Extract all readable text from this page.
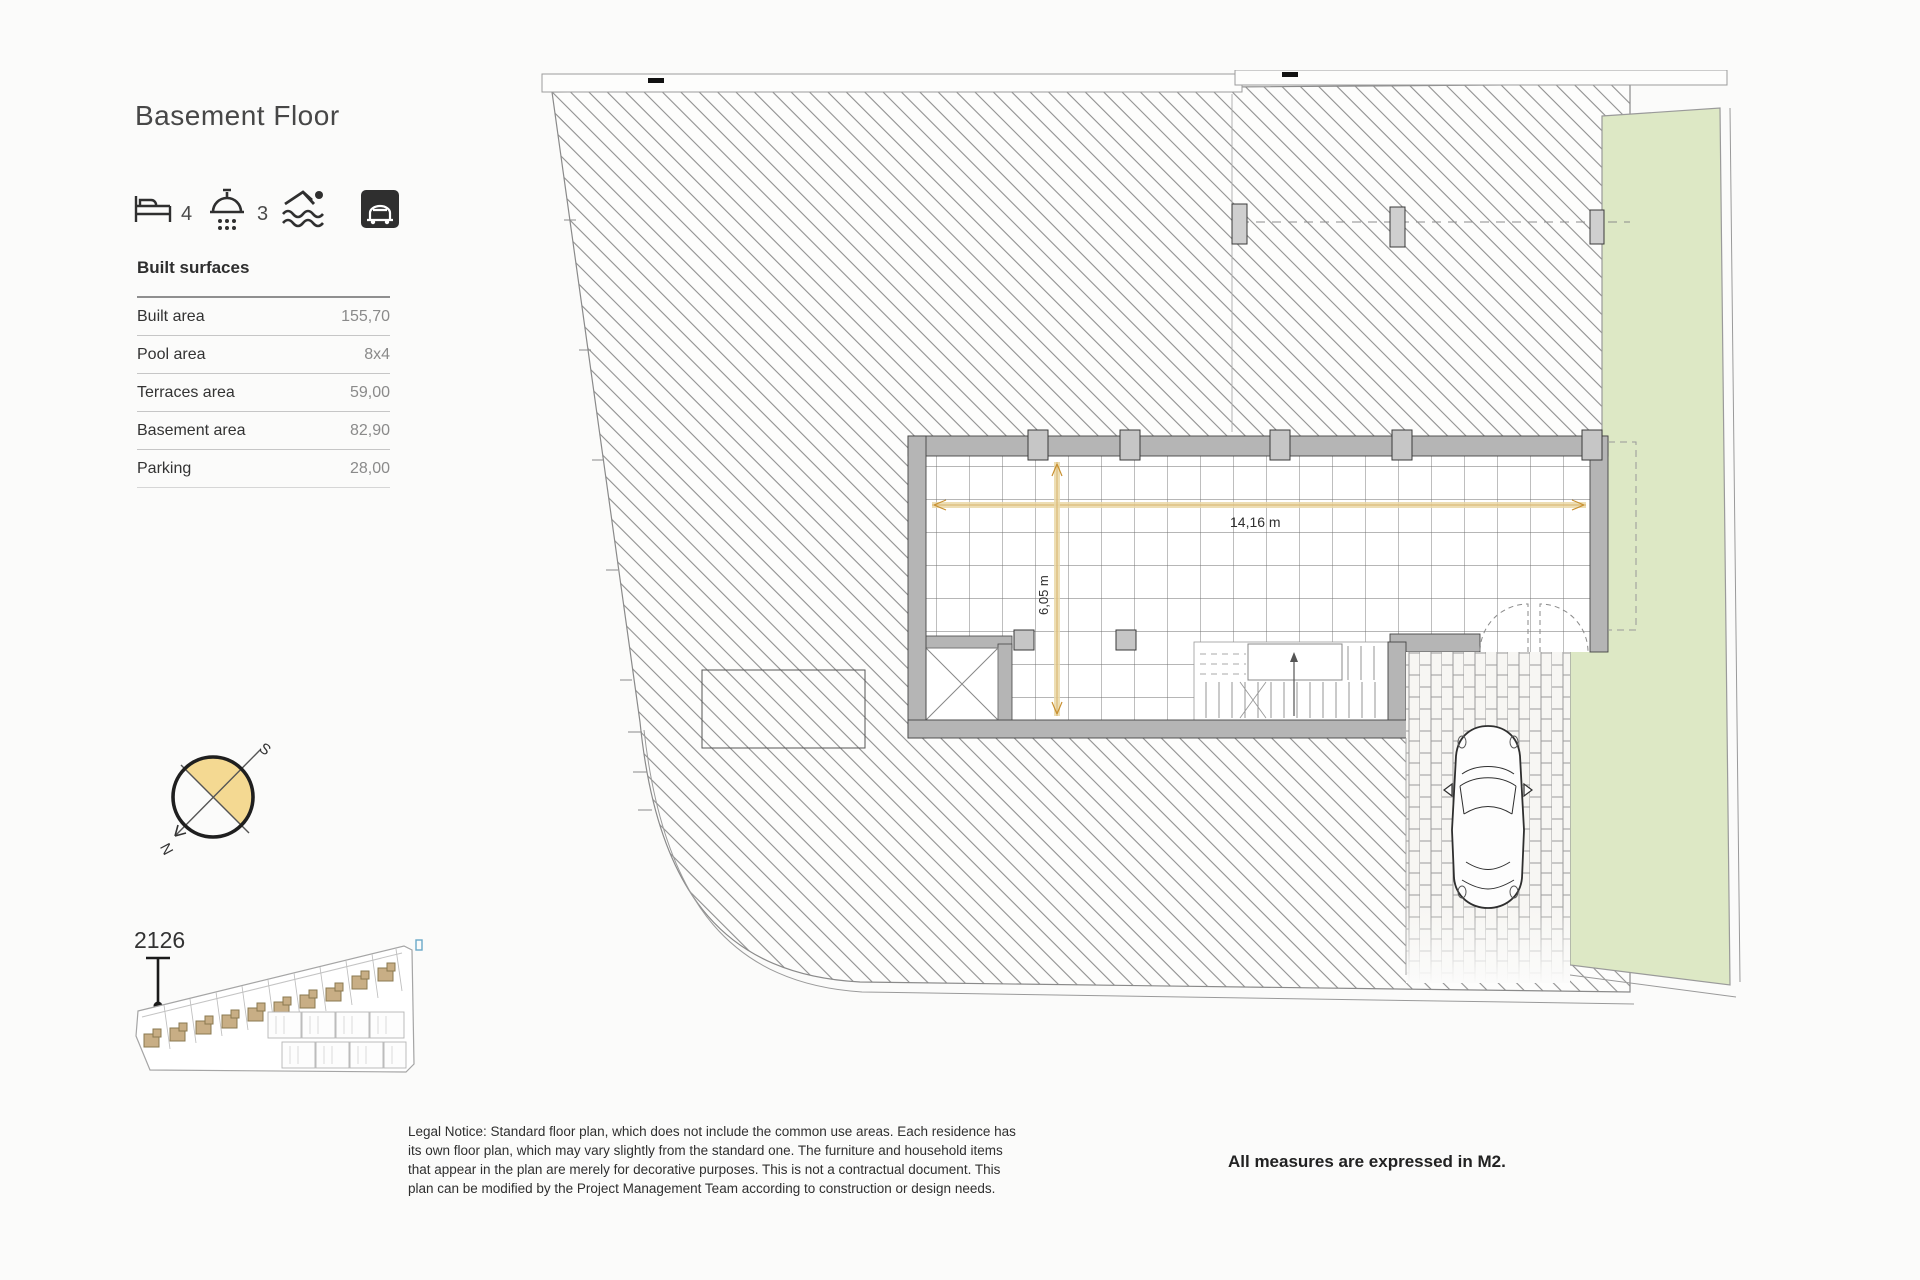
Basement Floor
4	3
Built surfaces
Built area	155,70
Pool area	8x4
Terraces area	59,00
Basement area	82,90
Parking	28,00
S
N
2126
14,16 m
6,05 m
Legal Notice: Standard floor plan, which does not include the common use areas. Each residence has its own floor plan, which may vary slightly from the standard one. The furniture and household items that appear in the plan are merely for decorative purposes. This is not a contractual document. This plan can be modified by the Project Management Team according to construction or design needs.
All measures are expressed in M2.
